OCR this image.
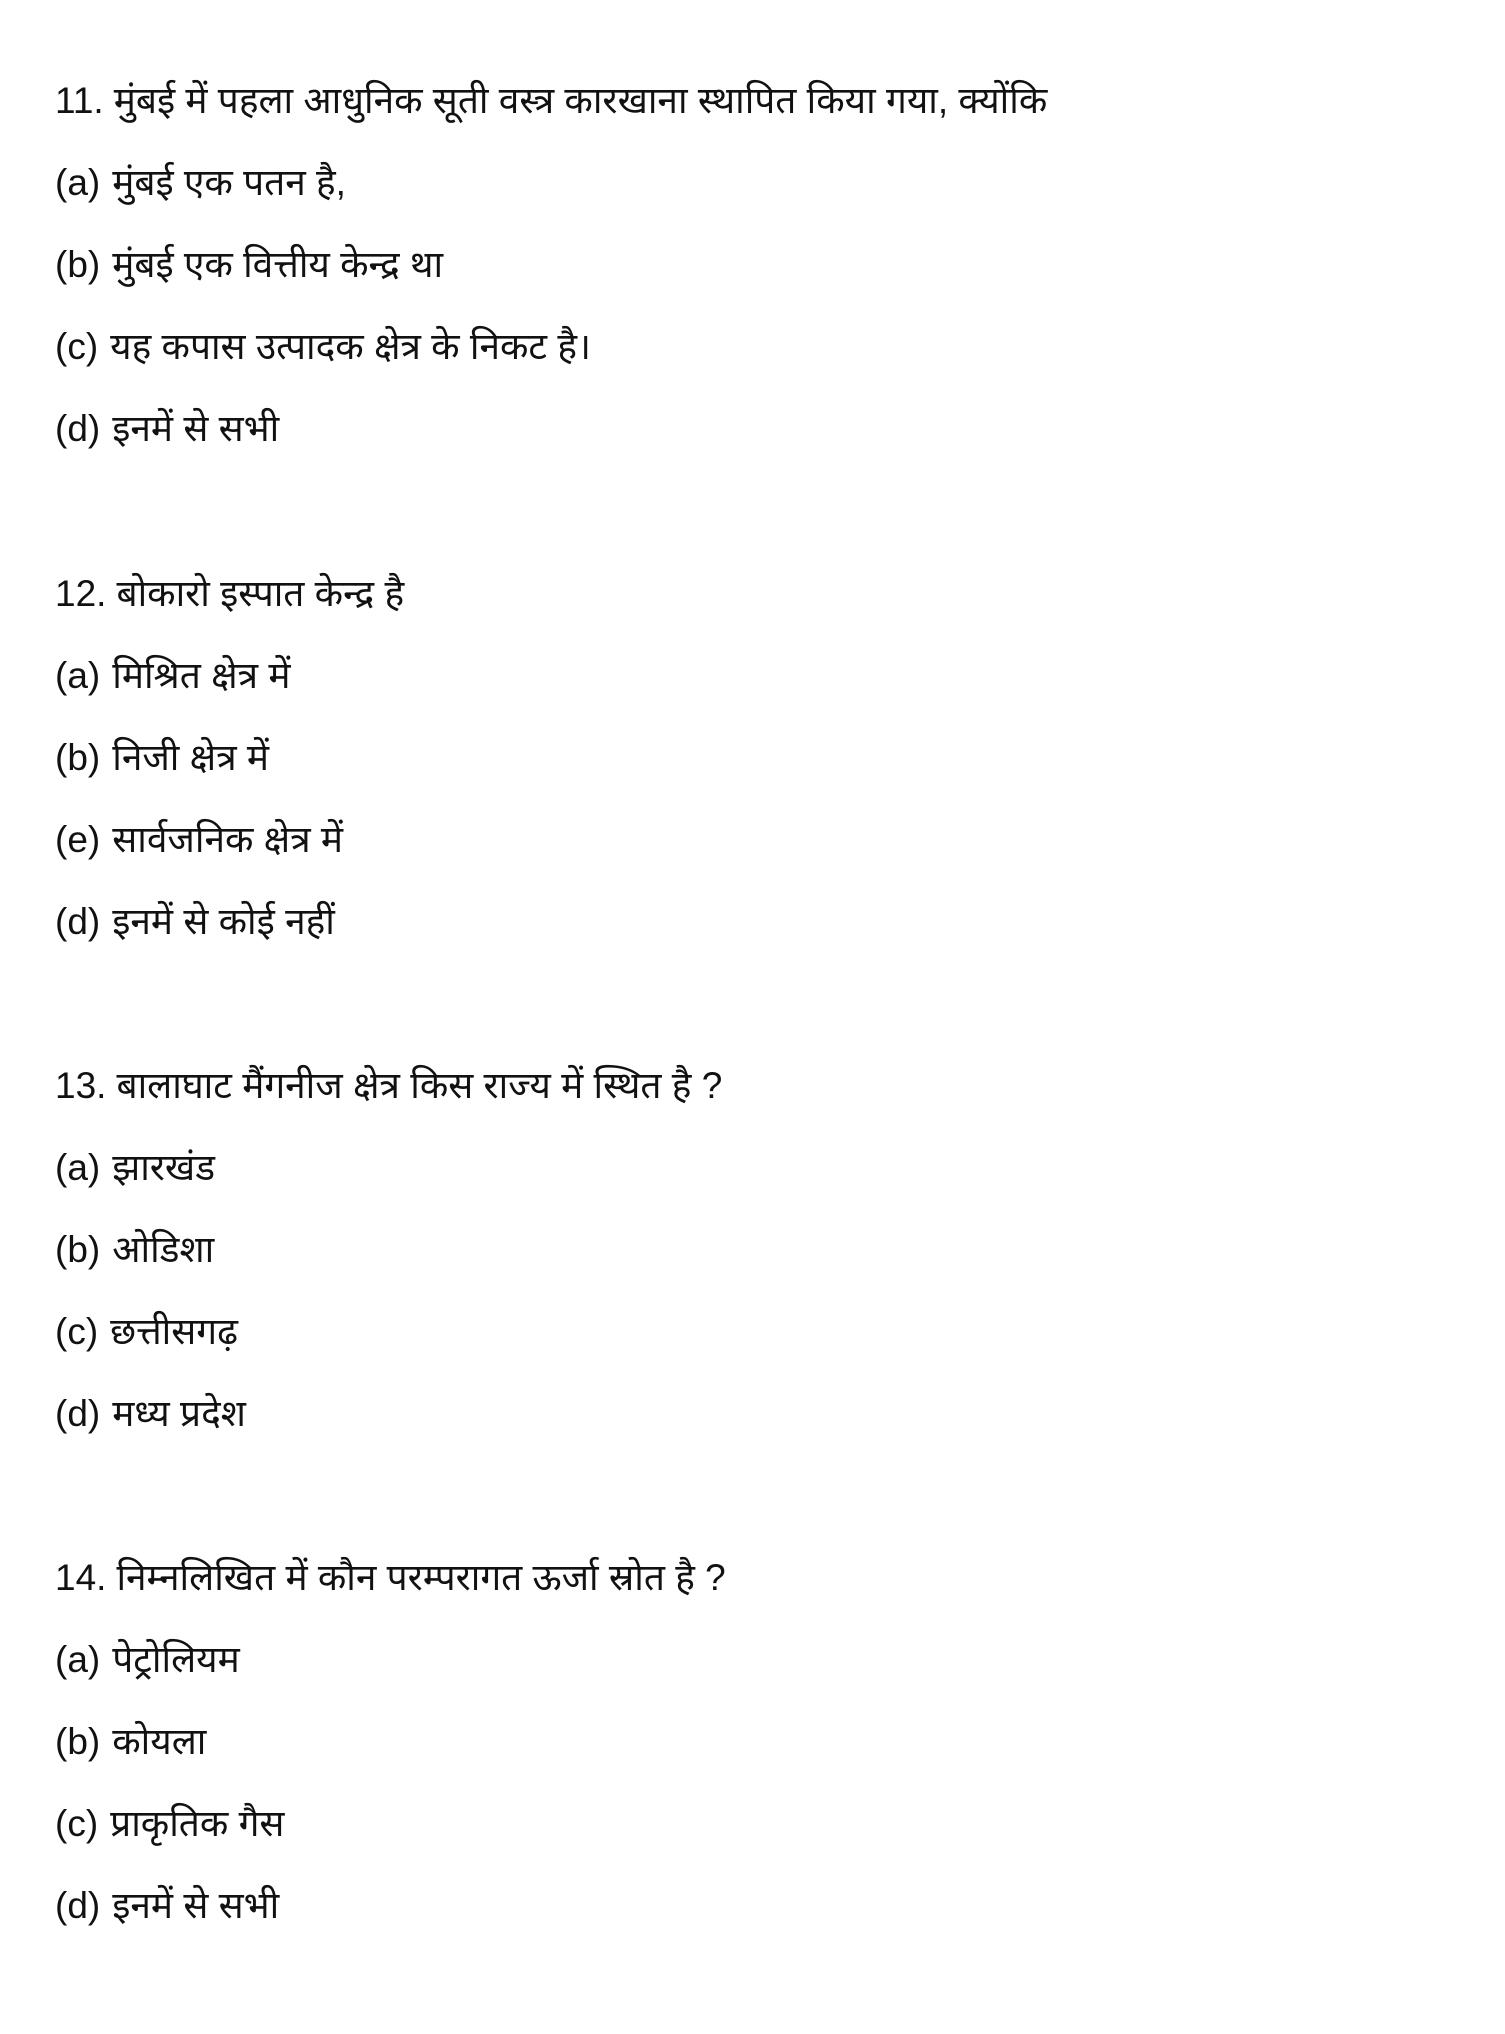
11. मुंबई में पहला आधुनिक सूती वस्त्र कारखाना स्थापित किया गया, क्योंकि
(a) मुंबई एक पतन है,
(b) मुंबई एक वित्तीय केन्द्र था
(c) यह कपास उत्पादक क्षेत्र के निकट है।
(d) इनमें से सभी
12. बोकारो इस्पात केन्द्र है
(a) मिश्रित क्षेत्र में
(b) निजी क्षेत्र में
(e) सार्वजनिक क्षेत्र में
(d) इनमें से कोई नहीं
13. बालाघाट मैंगनीज क्षेत्र किस राज्य में स्थित है ?
(a) झारखंड
(b) ओडिशा
(c) छत्तीसगढ़
(d) मध्य प्रदेश
14. निम्नलिखित में कौन परम्परागत ऊर्जा स्रोत है ?
(a) पेट्रोलियम
(b) कोयला
(c) प्राकृतिक गैस
(d) इनमें से सभी
